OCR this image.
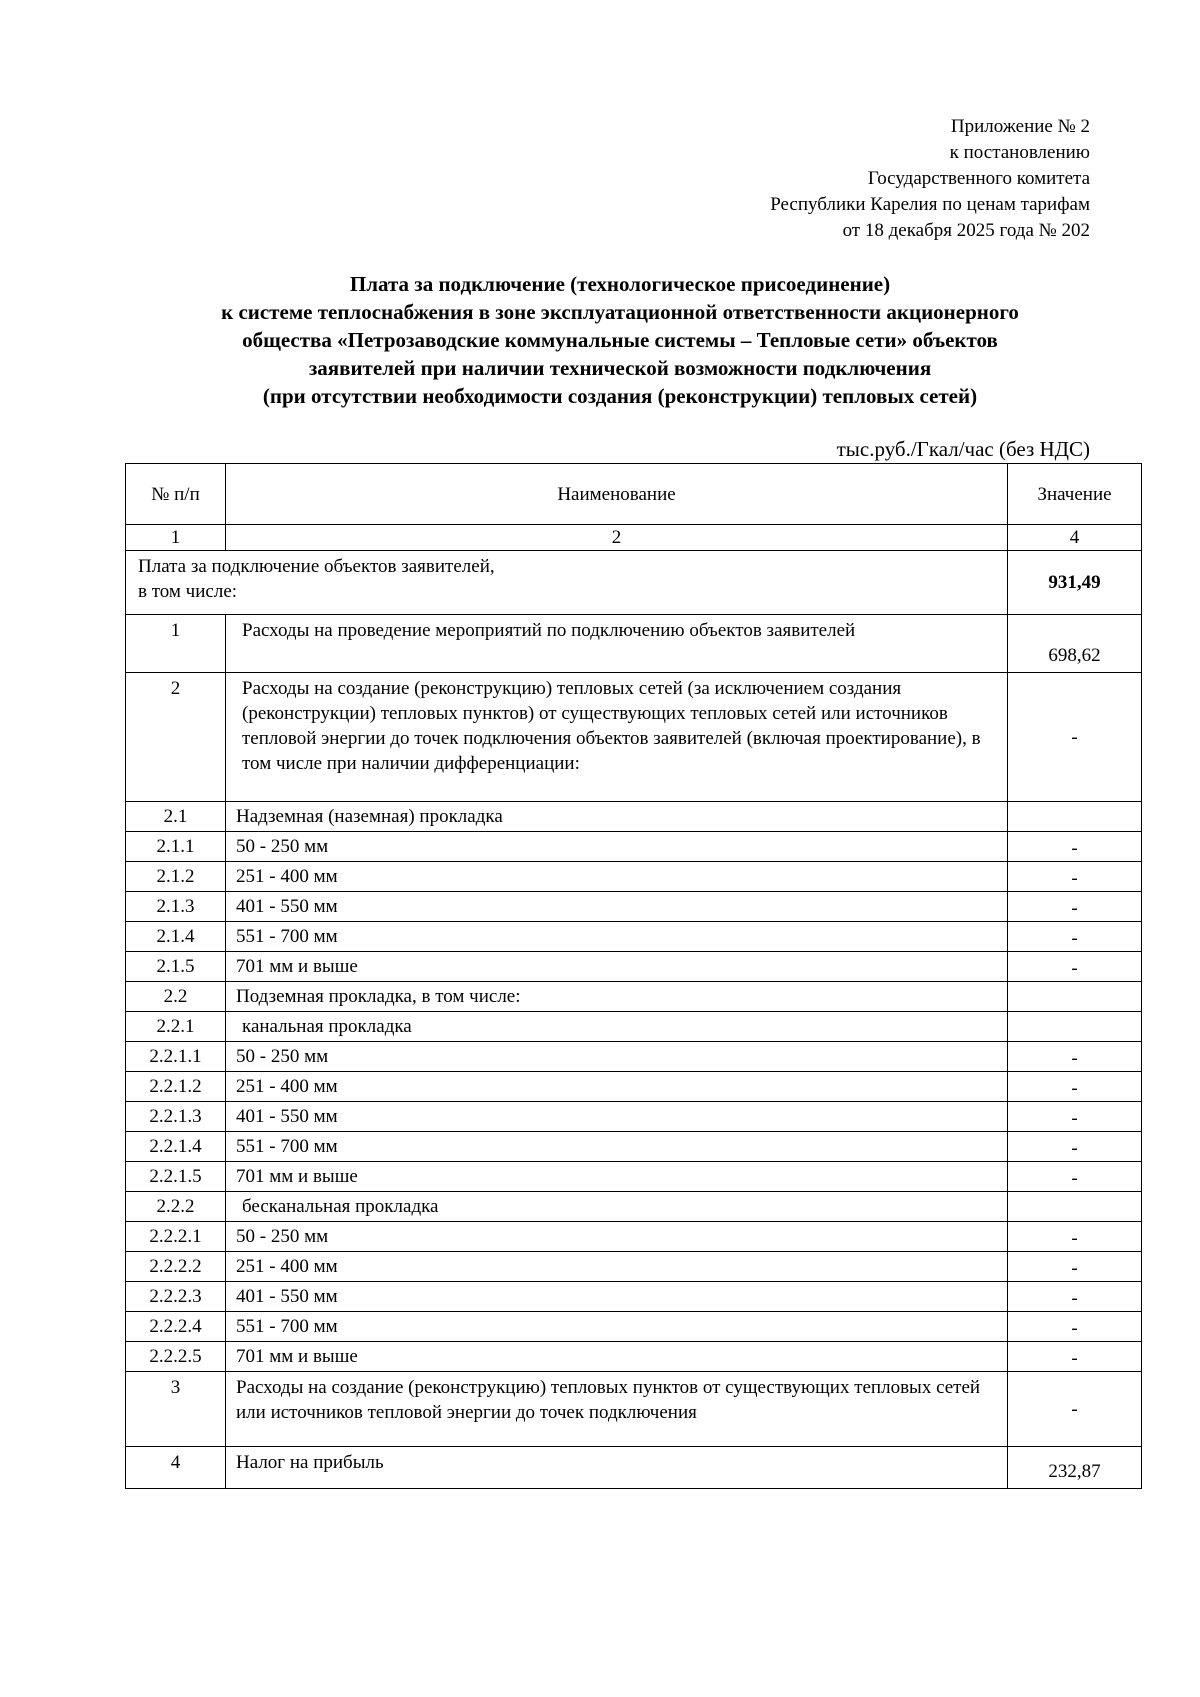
Приложение № 2
к постановлению
Государственного комитета
Республики Карелия по ценам тарифам
от 18 декабря 2025 года № 202
Плата за подключение (технологическое присоединение)
к системе теплоснабжения в зоне эксплуатационной ответственности акционерного
общества «Петрозаводские коммунальные системы – Тепловые сети» объектов
заявителей при наличии технической возможности подключения
(при отсутствии необходимости создания (реконструкции) тепловых сетей)
тыс.руб./Гкал/час (без НДС)
№ п/п	Наименование	Значение
1	2	4

Плата за подключение объектов заявителей,
в том числе:		931,49
1	Расходы на проведение мероприятий по подключению объектов заявителей	698,62
2	Расходы на создание (реконструкцию) тепловых сетей (за исключением создания (реконструкции) тепловых пунктов) от существующих тепловых сетей или источников тепловой энергии до точек подключения объектов заявителей (включая проектирование), в том числе при наличии дифференциации:	-
2.1	Надземная (наземная) прокладка	
2.1.1	50 - 250 мм	-
2.1.2	251 - 400 мм	-
2.1.3	401 - 550 мм	-
2.1.4	551 - 700 мм	-
2.1.5	701 мм и выше	-
2.2	Подземная прокладка, в том числе:	
2.2.1	канальная прокладка	
2.2.1.1	50 - 250 мм	-
2.2.1.2	251 - 400 мм	-
2.2.1.3	401 - 550 мм	-
2.2.1.4	551 - 700 мм	-
2.2.1.5	701 мм и выше	-
2.2.2	бесканальная прокладка	
2.2.2.1	50 - 250 мм	-
2.2.2.2	251 - 400 мм	-
2.2.2.3	401 - 550 мм	-
2.2.2.4	551 - 700 мм	-
2.2.2.5	701 мм и выше	-
3	Расходы на создание (реконструкцию) тепловых пунктов от существующих тепловых сетей или источников тепловой энергии до точек подключения	-
4	Налог на прибыль	232,87
